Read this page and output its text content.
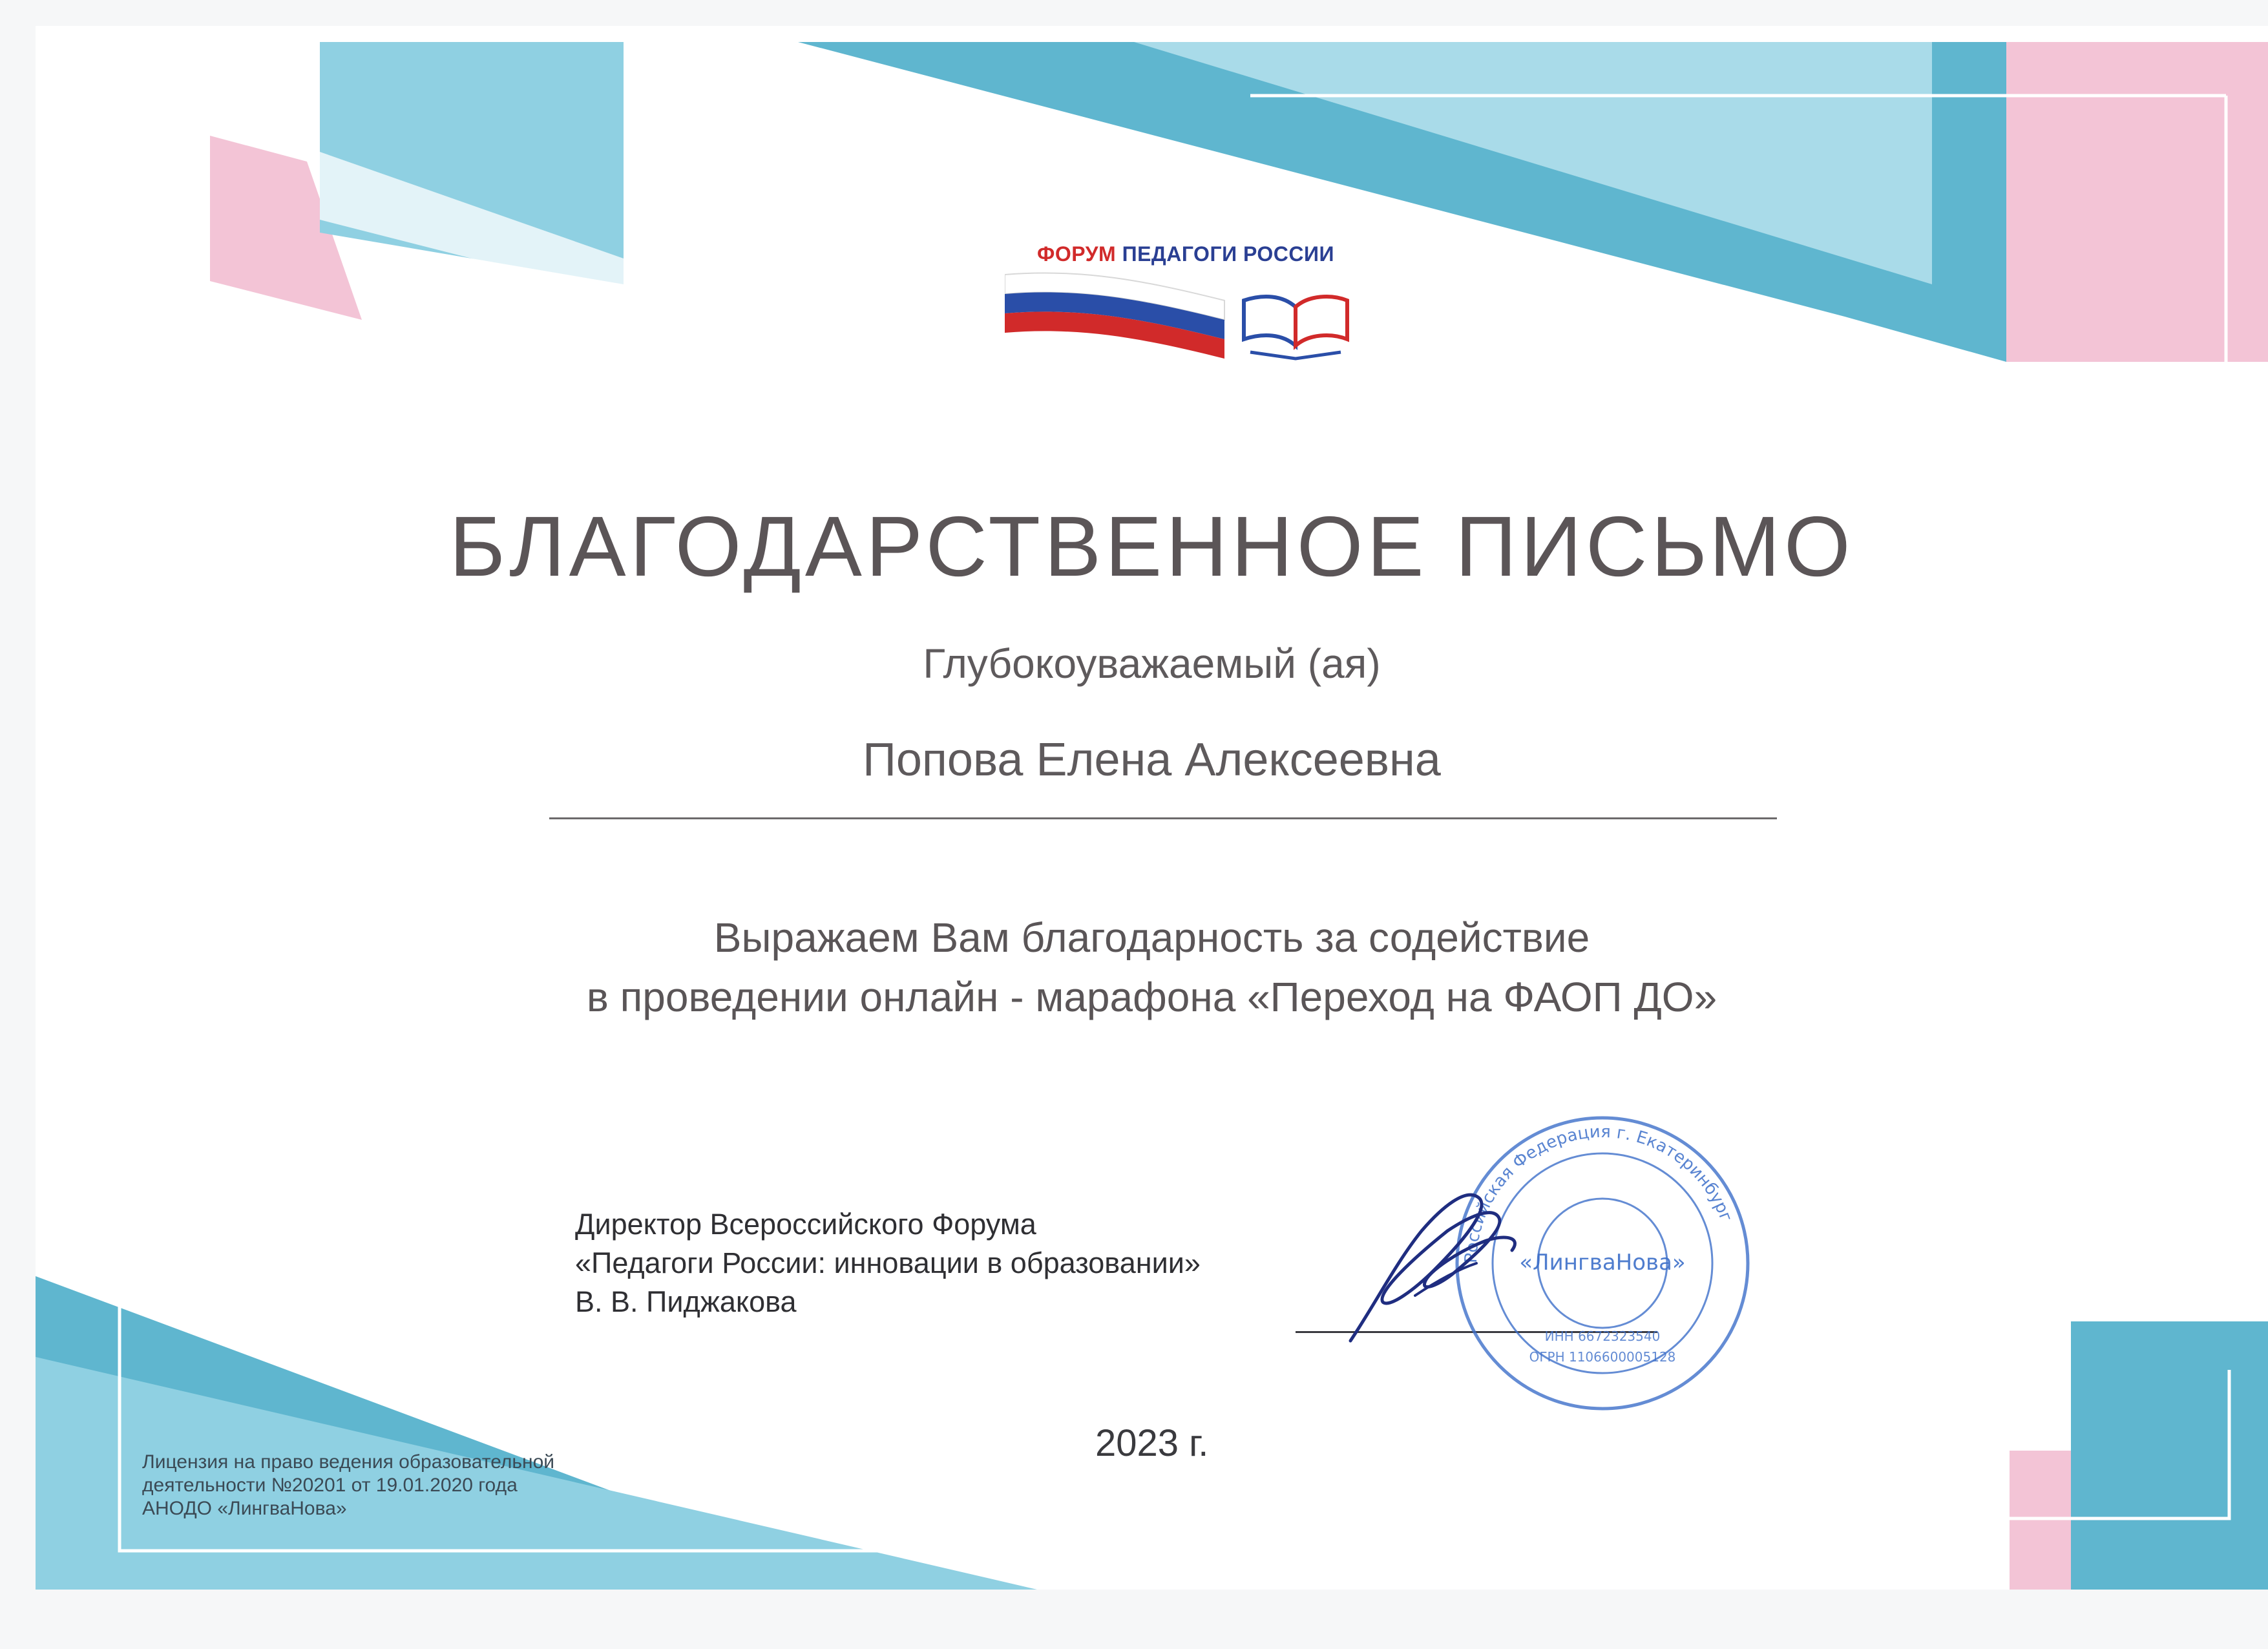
ФОРУМ ПЕДАГОГИ РОССИИ
БЛАГОДАРСТВЕННОЕ ПИСЬМО
Глубокоуважаемый (ая)
Попова Елена Алексеевна
Выражаем Вам благодарность за содействие
в проведении онлайн - марафона «Переход на ФАОП ДО»
Директор Всероссийского Форума
«Педагоги России: инновации в образовании»
В. В. Пиджакова
Российская Федерация г. Екатеринбург
«ЛингваНова»
ИНН 6672323540
ОГРН 1106600005128
2023 г.
Лицензия на право ведения образовательной
деятельности №20201 от 19.01.2020 года
АНОДО «ЛингваНова»
